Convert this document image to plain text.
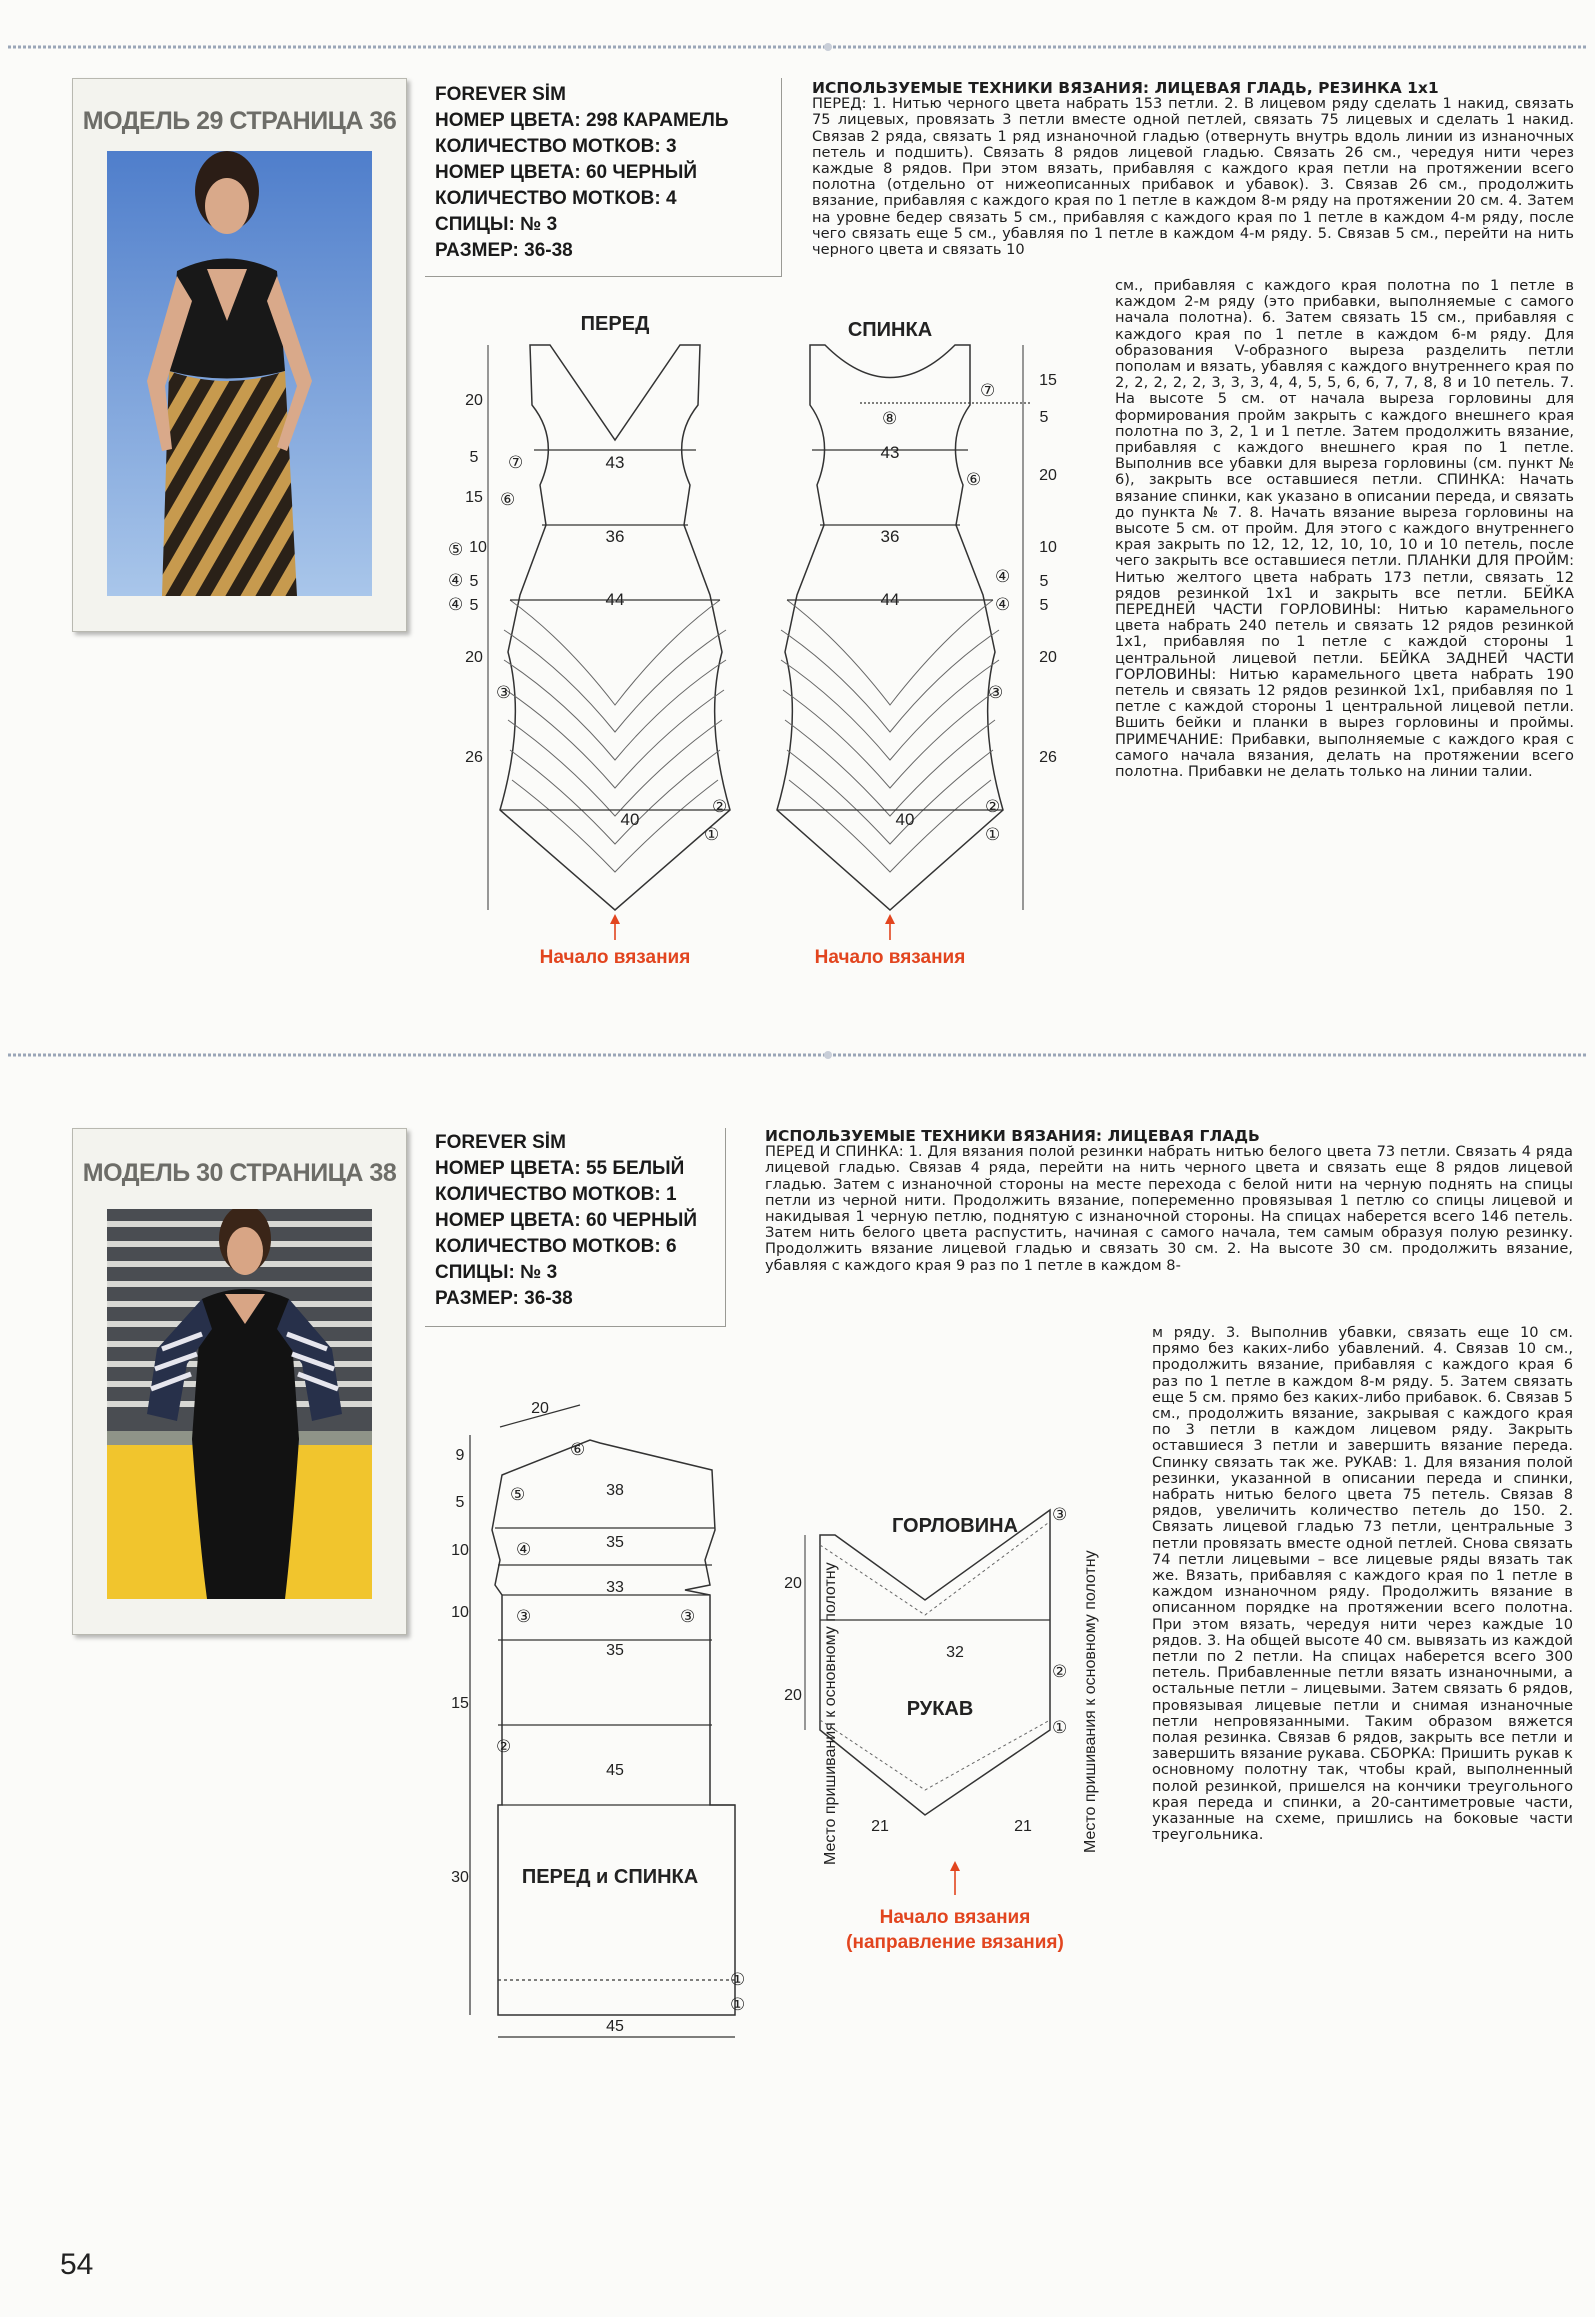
МОДЕЛЬ 29 СТРАНИЦА 36
FOREVER SİM
НОМЕР ЦВЕТА: 298 КАРАМЕЛЬ
КОЛИЧЕСТВО МОТКОВ: 3
НОМЕР ЦВЕТА: 60 ЧЕРНЫЙ
КОЛИЧЕСТВО МОТКОВ: 4
СПИЦЫ: № 3
РАЗМЕР: 36-38

ИСПОЛЬЗУЕМЫЕ ТЕХНИКИ ВЯЗАНИЯ: ЛИЦЕВАЯ ГЛАДЬ, РЕЗИНКА 1x1

ПЕРЕД: 1. Нитью черного цвета набрать 153 петли. 2. В лицевом ряду сделать 1 накид, связать 75 лицевых, провязать 3 петли вместе одной петлей, связать 75 лицевых и сделать 1 накид. Связав 2 ряда, связать 1 ряд изнаночной гладью (отвернуть внутрь вдоль линии из изнаночных петель и подшить). Связать 8 рядов лицевой гладью. Связать 26 см., чередуя нити через каждые 8 рядов. При этом вязать, прибавляя с каждого края петли на протяжении всего полотна (отдельно от нижеописанных прибавок и убавок). 3. Связав 26 см., продолжить вязание, прибавляя с каждого края по 1 петле в каждом 8-м ряду на протяжении 20 см. 4. Затем на уровне бедер связать 5 см., прибавляя с каждого края по 1 петле в каждом 4-м ряду, после чего связать еще 5 см., убавляя по 1 петле в каждом 4-м ряду. 5. Связав 5 см., перейти на нить черного цвета и связать 10

см., прибавляя с каждого края полотна по 1 петле в каждом 2-м ряду (это прибавки, выполняемые с самого начала полотна). 6. Затем связать 15 см., прибавляя с каждого края по 1 петле в каждом 6-м ряду. Для образования V-образного выреза разделить петли пополам и вязать, убавляя с каждого внутреннего края по 2, 2, 2, 2, 2, 3, 3, 3, 4, 4, 5, 5, 6, 6, 7, 7, 8, 8 и 10 петель. 7. На высоте 5 см. от начала выреза горловины для формирования пройм закрыть с каждого внешнего края полотна по 3, 2, 1 и 1 петле. Затем продолжить вязание, прибавляя с каждого внешнего края по 1 петле. Выполнив все убавки для выреза горловины (см. пункт № 6), закрыть все оставшиеся петли. СПИНКА: Начать вязание спинки, как указано в описании переда, и связать до пункта № 7. 8. Начать вязание выреза горловины на высоте 5 см. от пройм. Для этого с каждого внутреннего края закрыть по 12, 12, 12, 10, 10, 10 и 10 петель, после чего закрыть все оставшиеся петли. ПЛАНКИ ДЛЯ ПРОЙМ: Нитью желтого цвета набрать 173 петли, связать 12 рядов резинкой 1x1 и закрыть все петли. БЕЙКА ПЕРЕДНЕЙ ЧАСТИ ГОРЛОВИНЫ: Нитью карамельного цвета набрать 240 петель и связать 12 рядов резинкой 1x1, прибавляя по 1 петле с каждой стороны 1 центральной лицевой петли. БЕЙКА ЗАДНЕЙ ЧАСТИ ГОРЛОВИНЫ: Нитью карамельного цвета набрать 190 петель и связать 12 рядов резинкой 1x1, прибавляя по 1 петле с каждой стороны 1 центральной лицевой петли. Вшить бейки и планки в вырез горловины и проймы. ПРИМЕЧАНИЕ: Прибавки, выполняемые с каждого края с самого начала вязания, делать на протяжении всего полотна. Прибавки не делать только на линии талии.

ПЕРЕД
43
36
44
40
20
5
15
10
5
5
20
26
⑦
⑥
⑤
④
④
③
②
①
Начало вязания
СПИНКА
43
36
44
40
15
5
20
10
5
5
20
26
⑦
⑧
⑥
④
④
③
②
①
Начало вязания
МОДЕЛЬ 30 СТРАНИЦА 38
FOREVER SİM
НОМЕР ЦВЕТА: 55 БЕЛЫЙ
КОЛИЧЕСТВО МОТКОВ: 1
НОМЕР ЦВЕТА: 60 ЧЕРНЫЙ
КОЛИЧЕСТВО МОТКОВ: 6
СПИЦЫ: № 3
РАЗМЕР: 36-38

ИСПОЛЬЗУЕМЫЕ ТЕХНИКИ ВЯЗАНИЯ: ЛИЦЕВАЯ ГЛАДЬ

ПЕРЕД И СПИНКА: 1. Для вязания полой резинки набрать нитью белого цвета 73 петли. Связать 4 ряда лицевой гладью. Связав 4 ряда, перейти на нить черного цвета и связать еще 8 рядов лицевой гладью. Затем с изнаночной стороны на месте перехода с белой нити на черную поднять на спицы петли из черной нити. Продолжить вязание, попеременно провязывая 1 петлю со спицы лицевой и накидывая 1 черную петлю, поднятую с изнаночной стороны. На спицах наберется всего 146 петель. Затем нить белого цвета распустить, начиная с самого начала, тем самым образуя полую резинку. Продолжить вязание лицевой гладью и связать 30 см. 2. На высоте 30 см. продолжить вязание, убавляя с каждого края 9 раз по 1 петле в каждом 8-

м ряду. 3. Выполнив убавки, связать еще 10 см. прямо без каких-либо убавлений. 4. Связав 10 см., продолжить вязание, прибавляя с каждого края 6 раз по 1 петле в каждом 8-м ряду. 5. Затем связать еще 5 см. прямо без каких-либо прибавок. 6. Связав 5 см., продолжить вязание, закрывая с каждого края по 3 петли в каждом лицевом ряду. Закрыть оставшиеся 3 петли и завершить вязание переда. Спинку связать так же. РУКАВ: 1. Для вязания полой резинки, указанной в описании переда и спинки, набрать нитью белого цвета 75 петель. Связав 8 рядов, увеличить количество петель до 150. 2. Связать лицевой гладью 73 петли, центральные 3 петли провязать вместе одной петлей. Снова связать 74 петли лицевыми – все лицевые ряды вязать так же. Вязать, прибавляя с каждого края по 1 петле в каждом изнаночном ряду. Продолжить вязание в описанном порядке на протяжении всего полотна. При этом вязать, чередуя нити через каждые 10 рядов. 3. На общей высоте 40 см. вывязать из каждой петли по 2 петли. На спицах наберется всего 300 петель. Прибавленные петли вязать изнаночными, а остальные петли – лицевыми. Затем связать 6 рядов, провязывая лицевые петли и снимая изнаночные петли непровязанными. Таким образом вяжется полая резинка. Связав 6 рядов, закрыть все петли и завершить вязание рукава. СБОРКА: Пришить рукав к основному полотну так, чтобы край, выполненный полой резинкой, пришелся на кончики треугольного края переда и спинки, а 20-сантиметровые части, указанные на схеме, пришлись на боковые части треугольника.

20
38
35
33
35
45
45
9
5
10
10
15
30
⑥
⑤
④
③	③
②
①
①
ПЕРЕД и СПИНКА
ГОРЛОВИНА
РУКАВ
32
21	21
20
20
③
②
①
Место пришивания к основному полотну	Место пришивания к основному полотну
Начало вязания
(направление вязания)
54
